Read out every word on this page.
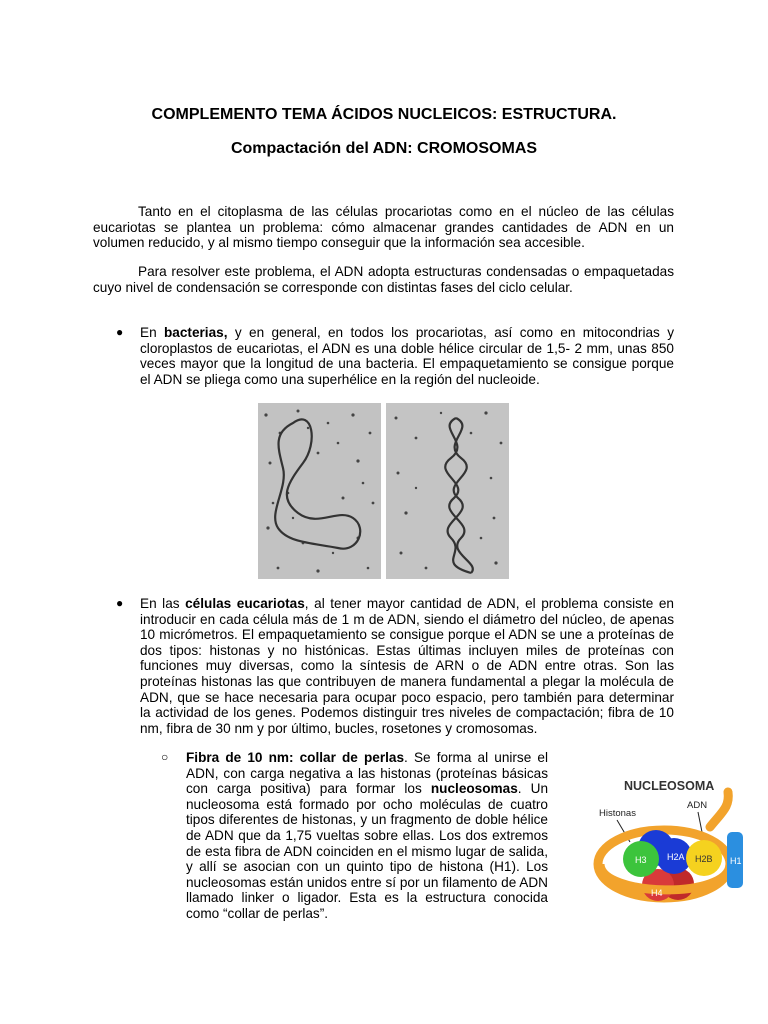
COMPLEMENTO TEMA ÁCIDOS NUCLEICOS: ESTRUCTURA.
Compactación del ADN: CROMOSOMAS

Tanto en el citoplasma de las células procariotas como en el núcleo de las células eucariotas se plantea un problema: cómo almacenar grandes cantidades de ADN en un volumen reducido, y al mismo tiempo conseguir que la información sea accesible.

Para resolver este problema, el ADN adopta estructuras condensadas o empaquetadas cuyo nivel de condensación se corresponde con distintas fases del ciclo celular.

● En bacterias, y en general, en todos los procariotas, así como en mitocondrias y cloroplastos de eucariotas, el ADN es una doble hélice circular de 1,5- 2 mm, unas 850 veces mayor que la longitud de una bacteria. El empaquetamiento se consigue porque el ADN se pliega como una superhélice en la región del nucleoide.

● En las células eucariotas, al tener mayor cantidad de ADN, el problema consiste en introducir en cada célula más de 1 m de ADN, siendo el diámetro del núcleo, de apenas 10 micrómetros. El empaquetamiento se consigue porque el ADN se une a proteínas de dos tipos: histonas y no histónicas. Estas últimas incluyen miles de proteínas con funciones muy diversas, como la síntesis de ARN o de ADN entre otras. Son las proteínas histonas las que contribuyen de manera fundamental a plegar la molécula de ADN, que se hace necesaria para ocupar poco espacio, pero también para determinar la actividad de los genes. Podemos distinguir tres niveles de compactación; fibra de 10 nm, fibra de 30 nm y por último, bucles, rosetones y cromosomas.

○ Fibra de 10 nm: collar de perlas. Se forma al unirse el ADN, con carga negativa a las histonas (proteínas básicas con carga positiva) para formar los nucleosomas. Un nucleosoma está formado por ocho moléculas de cuatro tipos diferentes de histonas, y un fragmento de doble hélice de ADN que da 1,75 vueltas sobre ellas. Los dos extremos de esta fibra de ADN coinciden en el mismo lugar de salida, y allí se asocian con un quinto tipo de histona (H1). Los nucleosomas están unidos entre sí por un filamento de ADN llamado linker o ligador. Esta es la estructura conocida como “collar de perlas”.

NUCLEOSOMA
Histonas
ADN
H3 H2A H2B
H4
H1
